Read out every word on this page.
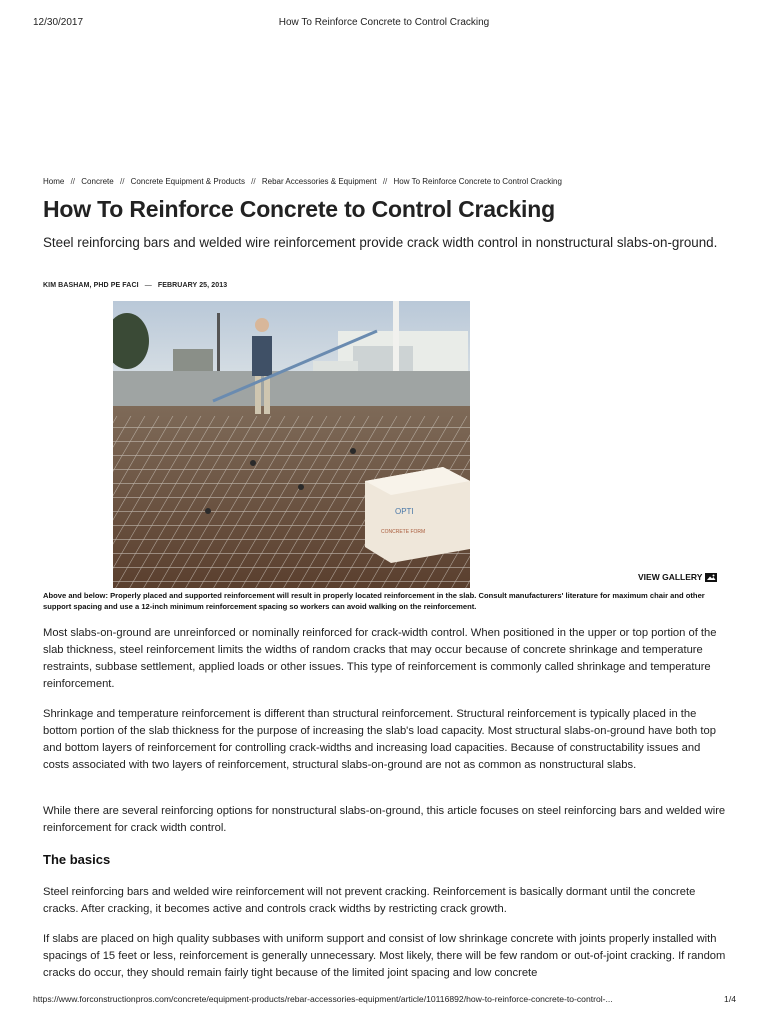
12/30/2017	How To Reinforce Concrete to Control Cracking
Home // Concrete // Concrete Equipment & Products // Rebar Accessories & Equipment // How To Reinforce Concrete to Control Cracking
How To Reinforce Concrete to Control Cracking

Steel reinforcing bars and welded wire reinforcement provide crack width control in nonstructural slabs-on-ground.

KIM BASHAM, PHD PE FACI — FEBRUARY 25, 2013
OPTI
CONCRETE FORM
VIEW GALLERY

Above and below: Properly placed and supported reinforcement will result in properly located reinforcement in the slab. Consult manufacturers' literature for maximum chair and other support spacing and use a 12-inch minimum reinforcement spacing so workers can avoid walking on the reinforcement.

Most slabs-on-ground are unreinforced or nominally reinforced for crack-width control. When positioned in the upper or top portion of the slab thickness, steel reinforcement limits the widths of random cracks that may occur because of concrete shrinkage and temperature restraints, subbase settlement, applied loads or other issues. This type of reinforcement is commonly called shrinkage and temperature reinforcement.

Shrinkage and temperature reinforcement is different than structural reinforcement. Structural reinforcement is typically placed in the bottom portion of the slab thickness for the purpose of increasing the slab's load capacity. Most structural slabs-on-ground have both top and bottom layers of reinforcement for controlling crack-widths and increasing load capacities. Because of constructability issues and costs associated with two layers of reinforcement, structural slabs-on-ground are not as common as nonstructural slabs.

While there are several reinforcing options for nonstructural slabs-on-ground, this article focuses on steel reinforcing bars and welded wire reinforcement for crack width control.

The basics

Steel reinforcing bars and welded wire reinforcement will not prevent cracking. Reinforcement is basically dormant until the concrete cracks. After cracking, it becomes active and controls crack widths by restricting crack growth.

If slabs are placed on high quality subbases with uniform support and consist of low shrinkage concrete with joints properly installed with spacings of 15 feet or less, reinforcement is generally unnecessary. Most likely, there will be few random or out-of-joint cracking. If random cracks do occur, they should remain fairly tight because of the limited joint spacing and low concrete

https://www.forconstructionpros.com/concrete/equipment-products/rebar-accessories-equipment/article/10116892/how-to-reinforce-concrete-to-control-...	1/4
